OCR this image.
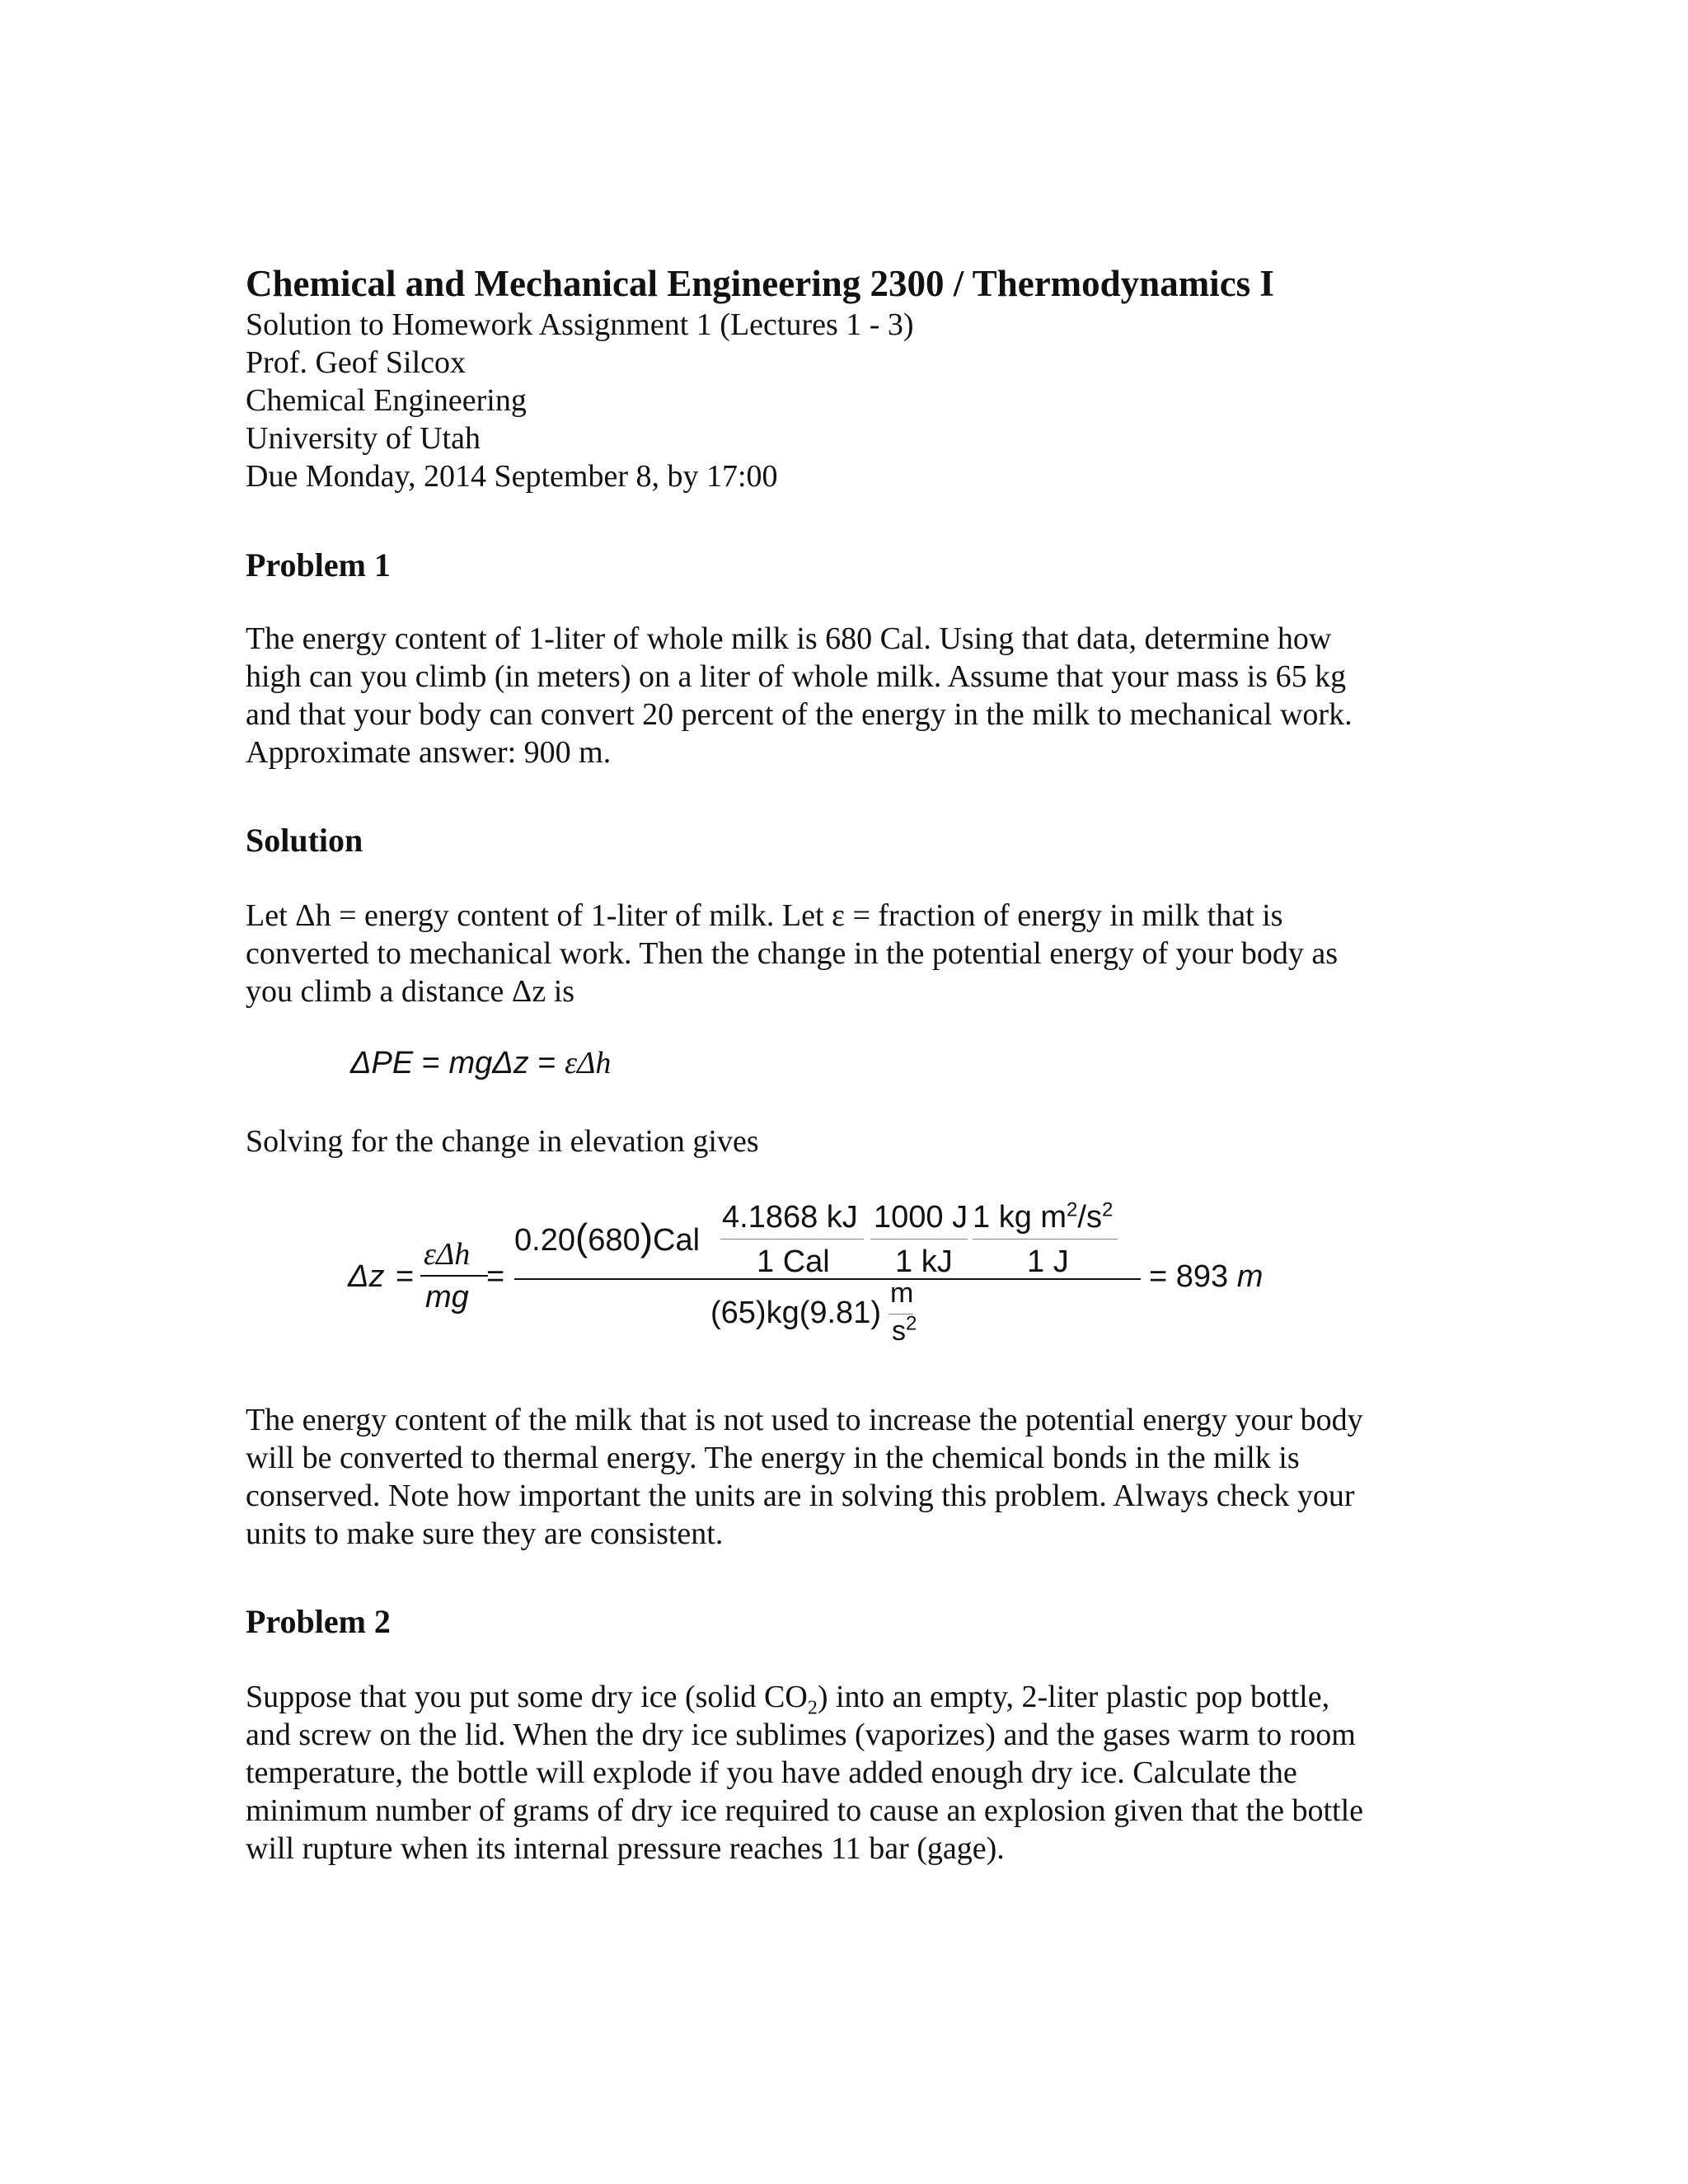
Chemical and Mechanical Engineering 2300 / Thermodynamics I
Solution to Homework Assignment 1 (Lectures 1 - 3)
Prof. Geof Silcox
Chemical Engineering
University of Utah
Due Monday, 2014 September 8, by 17:00
Problem 1
The energy content of 1-liter of whole milk is 680 Cal. Using that data, determine how
high can you climb (in meters) on a liter of whole milk. Assume that your mass is 65 kg
and that your body can convert 20 percent of the energy in the milk to mechanical work.
Approximate answer: 900 m.
Solution
Let Δh = energy content of 1-liter of milk. Let ε = fraction of energy in milk that is
converted to mechanical work. Then the change in the potential energy of your body as
you climb a distance Δz is
ΔPE = mgΔz = εΔh
Solving for the change in elevation gives
Δz =
εΔh
mg
=
0.20(680)Cal
4.1868 kJ
1 Cal
1000 J
1 kJ
1 kg $m^2/s^2$
1 J
(65)kg(9.81)
m
$s^2$
= 893 m
The energy content of the milk that is not used to increase the potential energy your body
will be converted to thermal energy. The energy in the chemical bonds in the milk is
conserved. Note how important the units are in solving this problem. Always check your
units to make sure they are consistent.
Problem 2
Suppose that you put some dry ice (solid $CO_2$) into an empty, 2-liter plastic pop bottle,
and screw on the lid. When the dry ice sublimes (vaporizes) and the gases warm to room
temperature, the bottle will explode if you have added enough dry ice. Calculate the
minimum number of grams of dry ice required to cause an explosion given that the bottle
will rupture when its internal pressure reaches 11 bar (gage).
